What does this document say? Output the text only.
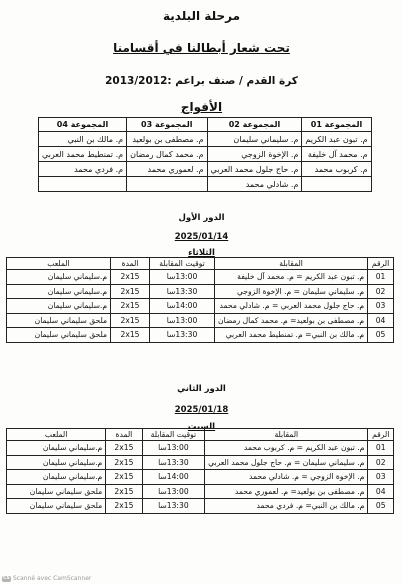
مرحلة البلدية
تحت شعار أبطالنا في أقسامنا
كرة القدم / صنف براعم :2013/2012
الأفواج
المجموعة 01	المجموعة 02	المجموعة 03	المجموعة 04
م. تبون عبد الكريم	م. سليماني سليمان	م. مصطفى بن بولعيد	م. مالك بن النبي
م. محمد آل خليفة	م. الإخوة الزوجي	م. محمد كمال رمضان	م. تمنطيط محمد العربي
م. كربوب محمد	م. حاج جلول محمد العربي	م. لعموري محمد	م. فردي محمد
	م. شادلي محمد		
الدور الأول
2025/01/14
الثلاثاء
الرقم	المقابلة	توقيت المقابلة	المدة	الملعب
01	م. تبون عبد الكريم = م. محمد آل خليفة	13:00سا	2x15	م.سليماني سليمان
02	م. سليماني سليمان = م. الإخوة الزوجي	13:30سا	2x15	م.سليماني سليمان
03	م. حاج جلول محمد العربي = م. شادلي محمد	14:00سا	2x15	م.سليماني سليمان
04	م. مصطفى بن بولعيد= م. محمد كمال رمضان	13:00سا	2x15	ملحق سليماني سليمان
05	م. مالك بن النبي= م. تمنطيط محمد العربي	13:30سا	2x15	ملحق سليماني سليمان
الدور الثاني
2025/01/18
السبت
الرقم	المقابلة	توقيت المقابلة	المدة	الملعب
01	م. تبون عبد الكريم = م. كربوب محمد	13:00سا	2x15	م.سليماني سليمان
02	م. سليماني سليمان = م. حاج جلول محمد العربي	13:30سا	2x15	م.سليماني سليمان
03	م. الإخوة الزوجي = م. شادلي محمد	14:00سا	2x15	م.سليماني سليمان
04	م. مصطفى بن بولعيد= م. لعموري محمد	13:00سا	2x15	ملحق سليماني سليمان
05	م. مالك بن النبي= م. فردي محمد	13:30سا	2x15	ملحق سليماني سليمان
CS Scanné avec CamScanner
